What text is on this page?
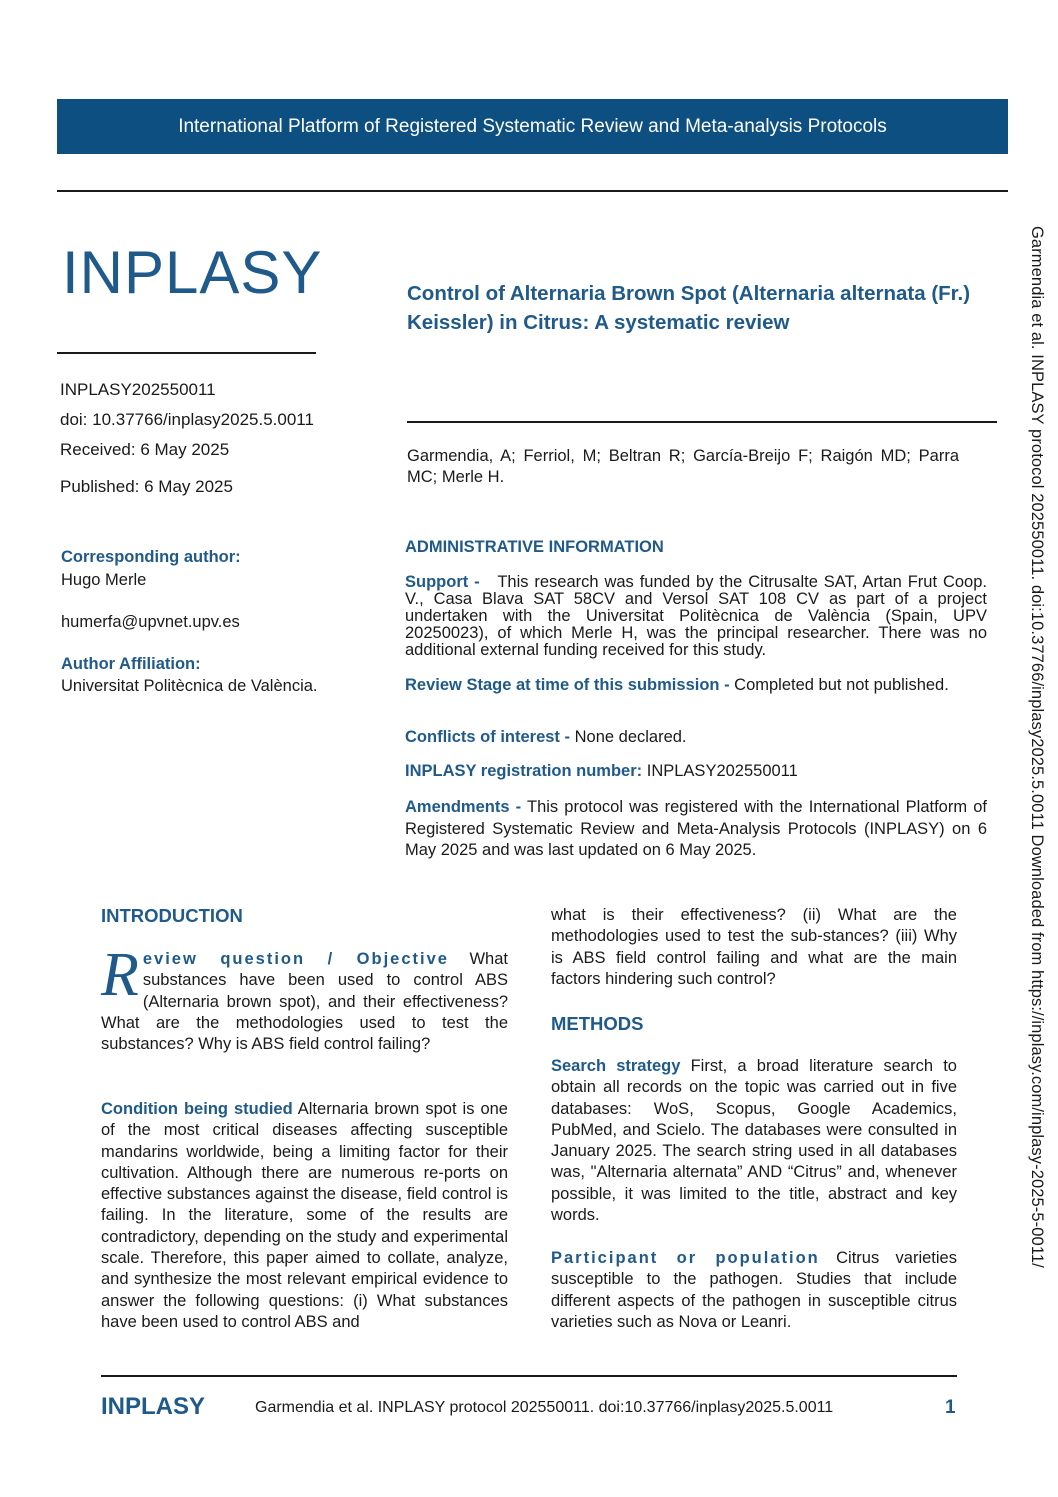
International Platform of Registered Systematic Review and Meta-analysis Protocols
INPLASY	Control of Alternaria Brown Spot (Alternaria alternata (Fr.) Keissler) in Citrus: A systematic review
INPLASY202550011
doi: 10.37766/inplasy2025.5.0011
Received: 6 May 2025
Published: 6 May 2025
Garmendia, A; Ferriol, M; Beltran R; García-Breijo F; Raigón MD; Parra MC; Merle H.
Corresponding author:
Hugo Merle
humerfa@upvnet.upv.es
Author Affiliation:
Universitat Politècnica de València.
ADMINISTRATIVE INFORMATION
Support - This research was funded by the Citrusalte SAT, Artan Frut Coop. V., Casa Blava SAT 58CV and Versol SAT 108 CV as part of a project undertaken with the Universitat Politècnica de València (Spain, UPV 20250023), of which Merle H, was the principal researcher. There was no additional external funding received for this study.
Review Stage at time of this submission - Completed but not published.
Conflicts of interest - None declared.
INPLASY registration number: INPLASY202550011
Amendments - This protocol was registered with the International Platform of Registered Systematic Review and Meta-Analysis Protocols (INPLASY) on 6 May 2025 and was last updated on 6 May 2025.
INTRODUCTION
Review question / Objective What substances have been used to control ABS (Alternaria brown spot), and their effectiveness? What are the methodologies used to test the substances? Why is ABS field control failing?
Condition being studied Alternaria brown spot is one of the most critical diseases affecting susceptible mandarins worldwide, being a limiting factor for their cultivation. Although there are numerous re-ports on effective substances against the disease, field control is failing. In the literature, some of the results are contradictory, depending on the study and experimental scale. Therefore, this paper aimed to collate, analyze, and synthesize the most relevant empirical evidence to answer the following questions: (i) What substances have been used to control ABS and
what is their effectiveness? (ii) What are the methodologies used to test the sub-stances? (iii) Why is ABS field control failing and what are the main factors hindering such control?
METHODS
Search strategy First, a broad literature search to obtain all records on the topic was carried out in five databases: WoS, Scopus, Google Academics, PubMed, and Scielo. The databases were consulted in January 2025. The search string used in all databases was, "Alternaria alternata” AND “Citrus” and, whenever possible, it was limited to the title, abstract and key words.
Participant or population Citrus varieties susceptible to the pathogen. Studies that include different aspects of the pathogen in susceptible citrus varieties such as Nova or Leanri.
Garmendia et al. INPLASY protocol 202550011. doi:10.37766/inplasy2025.5.0011 Downloaded from https://inplasy.com/inplasy-2025-5-0011/
INPLASY	Garmendia et al. INPLASY protocol 202550011. doi:10.37766/inplasy2025.5.0011	1
